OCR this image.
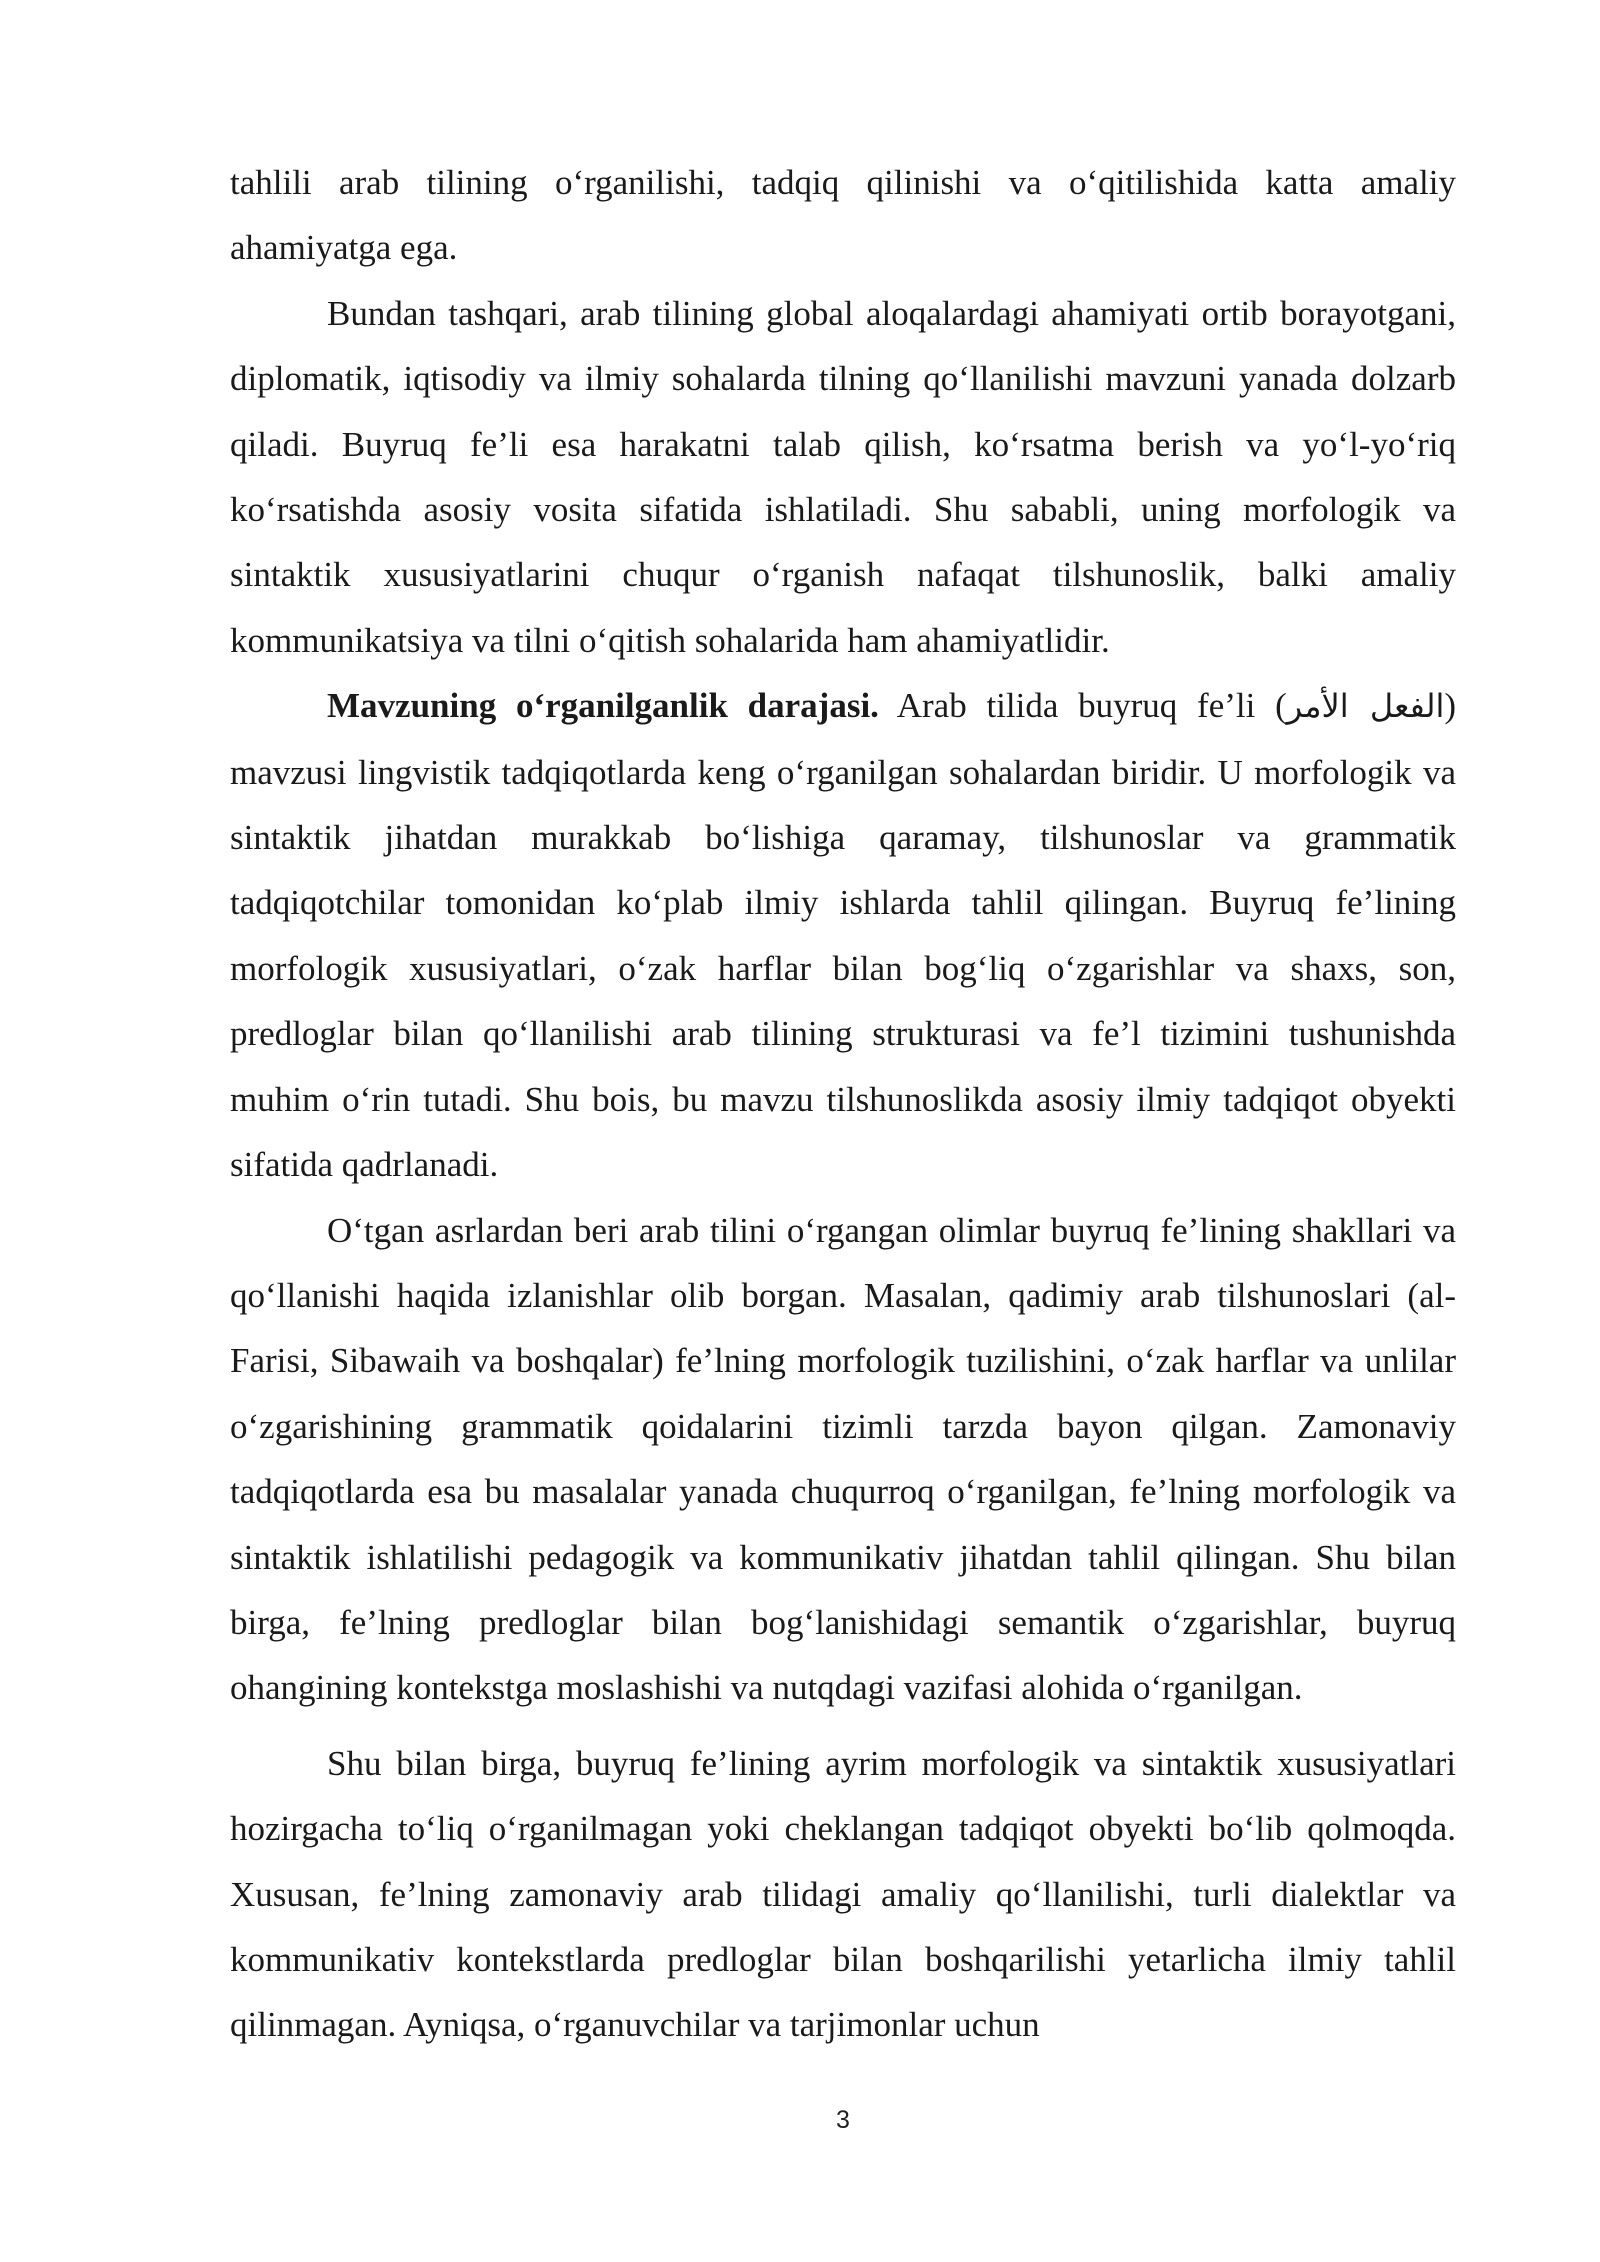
tahlili arab tilining o‘rganilishi, tadqiq qilinishi va o‘qitilishida katta amaliy ahamiyatga ega.

Bundan tashqari, arab tilining global aloqalardagi ahamiyati ortib borayotgani, diplomatik, iqtisodiy va ilmiy sohalarda tilning qo‘llanilishi mavzuni yanada dolzarb qiladi. Buyruq fe’li esa harakatni talab qilish, ko‘rsatma berish va yo‘l-yo‘riq ko‘rsatishda asosiy vosita sifatida ishlatiladi. Shu sababli, uning morfologik va sintaktik xususiyatlarini chuqur o‘rganish nafaqat tilshunoslik, balki amaliy kommunikatsiya va tilni o‘qitish sohalarida ham ahamiyatlidir.

Mavzuning o‘rganilganlik darajasi. Arab tilida buyruq fe’li (الفعل الأمر) mavzusi lingvistik tadqiqotlarda keng o‘rganilgan sohalardan biridir. U morfologik va sintaktik jihatdan murakkab bo‘lishiga qaramay, tilshunoslar va grammatik tadqiqotchilar tomonidan ko‘plab ilmiy ishlarda tahlil qilingan. Buyruq fe’lining morfologik xususiyatlari, o‘zak harflar bilan bog‘liq o‘zgarishlar va shaxs, son, predloglar bilan qo‘llanilishi arab tilining strukturasi va fe’l tizimini tushunishda muhim o‘rin tutadi. Shu bois, bu mavzu tilshunoslikda asosiy ilmiy tadqiqot obyekti sifatida qadrlanadi.

O‘tgan asrlardan beri arab tilini o‘rgangan olimlar buyruq fe’lining shakllari va qo‘llanishi haqida izlanishlar olib borgan. Masalan, qadimiy arab tilshunoslari (al-Farisi, Sibawaih va boshqalar) fe’lning morfologik tuzilishini, o‘zak harflar va unlilar o‘zgarishining grammatik qoidalarini tizimli tarzda bayon qilgan. Zamonaviy tadqiqotlarda esa bu masalalar yanada chuqurroq o‘rganilgan, fe’lning morfologik va sintaktik ishlatilishi pedagogik va kommunikativ jihatdan tahlil qilingan. Shu bilan birga, fe’lning predloglar bilan bog‘lanishidagi semantik o‘zgarishlar, buyruq ohangining kontekstga moslashishi va nutqdagi vazifasi alohida o‘rganilgan.

Shu bilan birga, buyruq fe’lining ayrim morfologik va sintaktik xususiyatlari hozirgacha to‘liq o‘rganilmagan yoki cheklangan tadqiqot obyekti bo‘lib qolmoqda. Xususan, fe’lning zamonaviy arab tilidagi amaliy qo‘llanilishi, turli dialektlar va kommunikativ kontekstlarda predloglar bilan boshqarilishi yetarlicha ilmiy tahlil qilinmagan. Ayniqsa, o‘rganuvchilar va tarjimonlar uchun

3
